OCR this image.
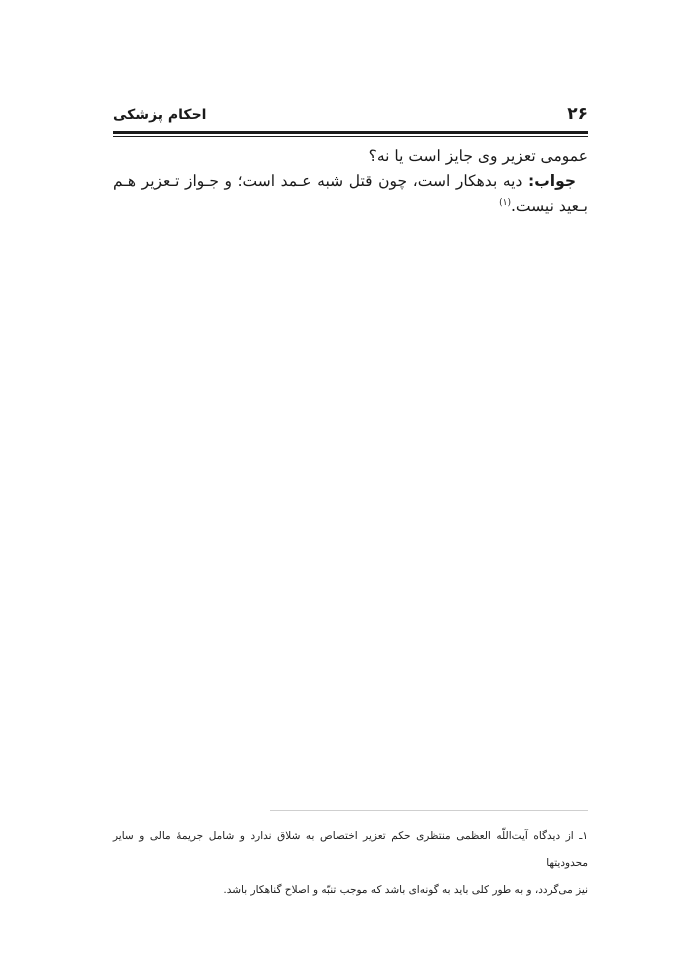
۲۶
احکام پزشکی

عمومی تعزیر وی جایز است یا نه؟

جواب: دیه بدهکار است، چون قتل شبه عـمد است؛ و جـواز تـعزیر هـم بـعید نیست.$^{(۱)}$

۱ـ از دیدگاه آیت‌اللّه العظمی منتظری حکم تعزیر اختصاص به شلاق ندارد و شامل جریمهٔ مالی و سایر محدودیتها

نیز می‌گردد، و به طور کلی باید به گونه‌ای باشد که موجب تنبّه و اصلاح گناهکار باشد.
